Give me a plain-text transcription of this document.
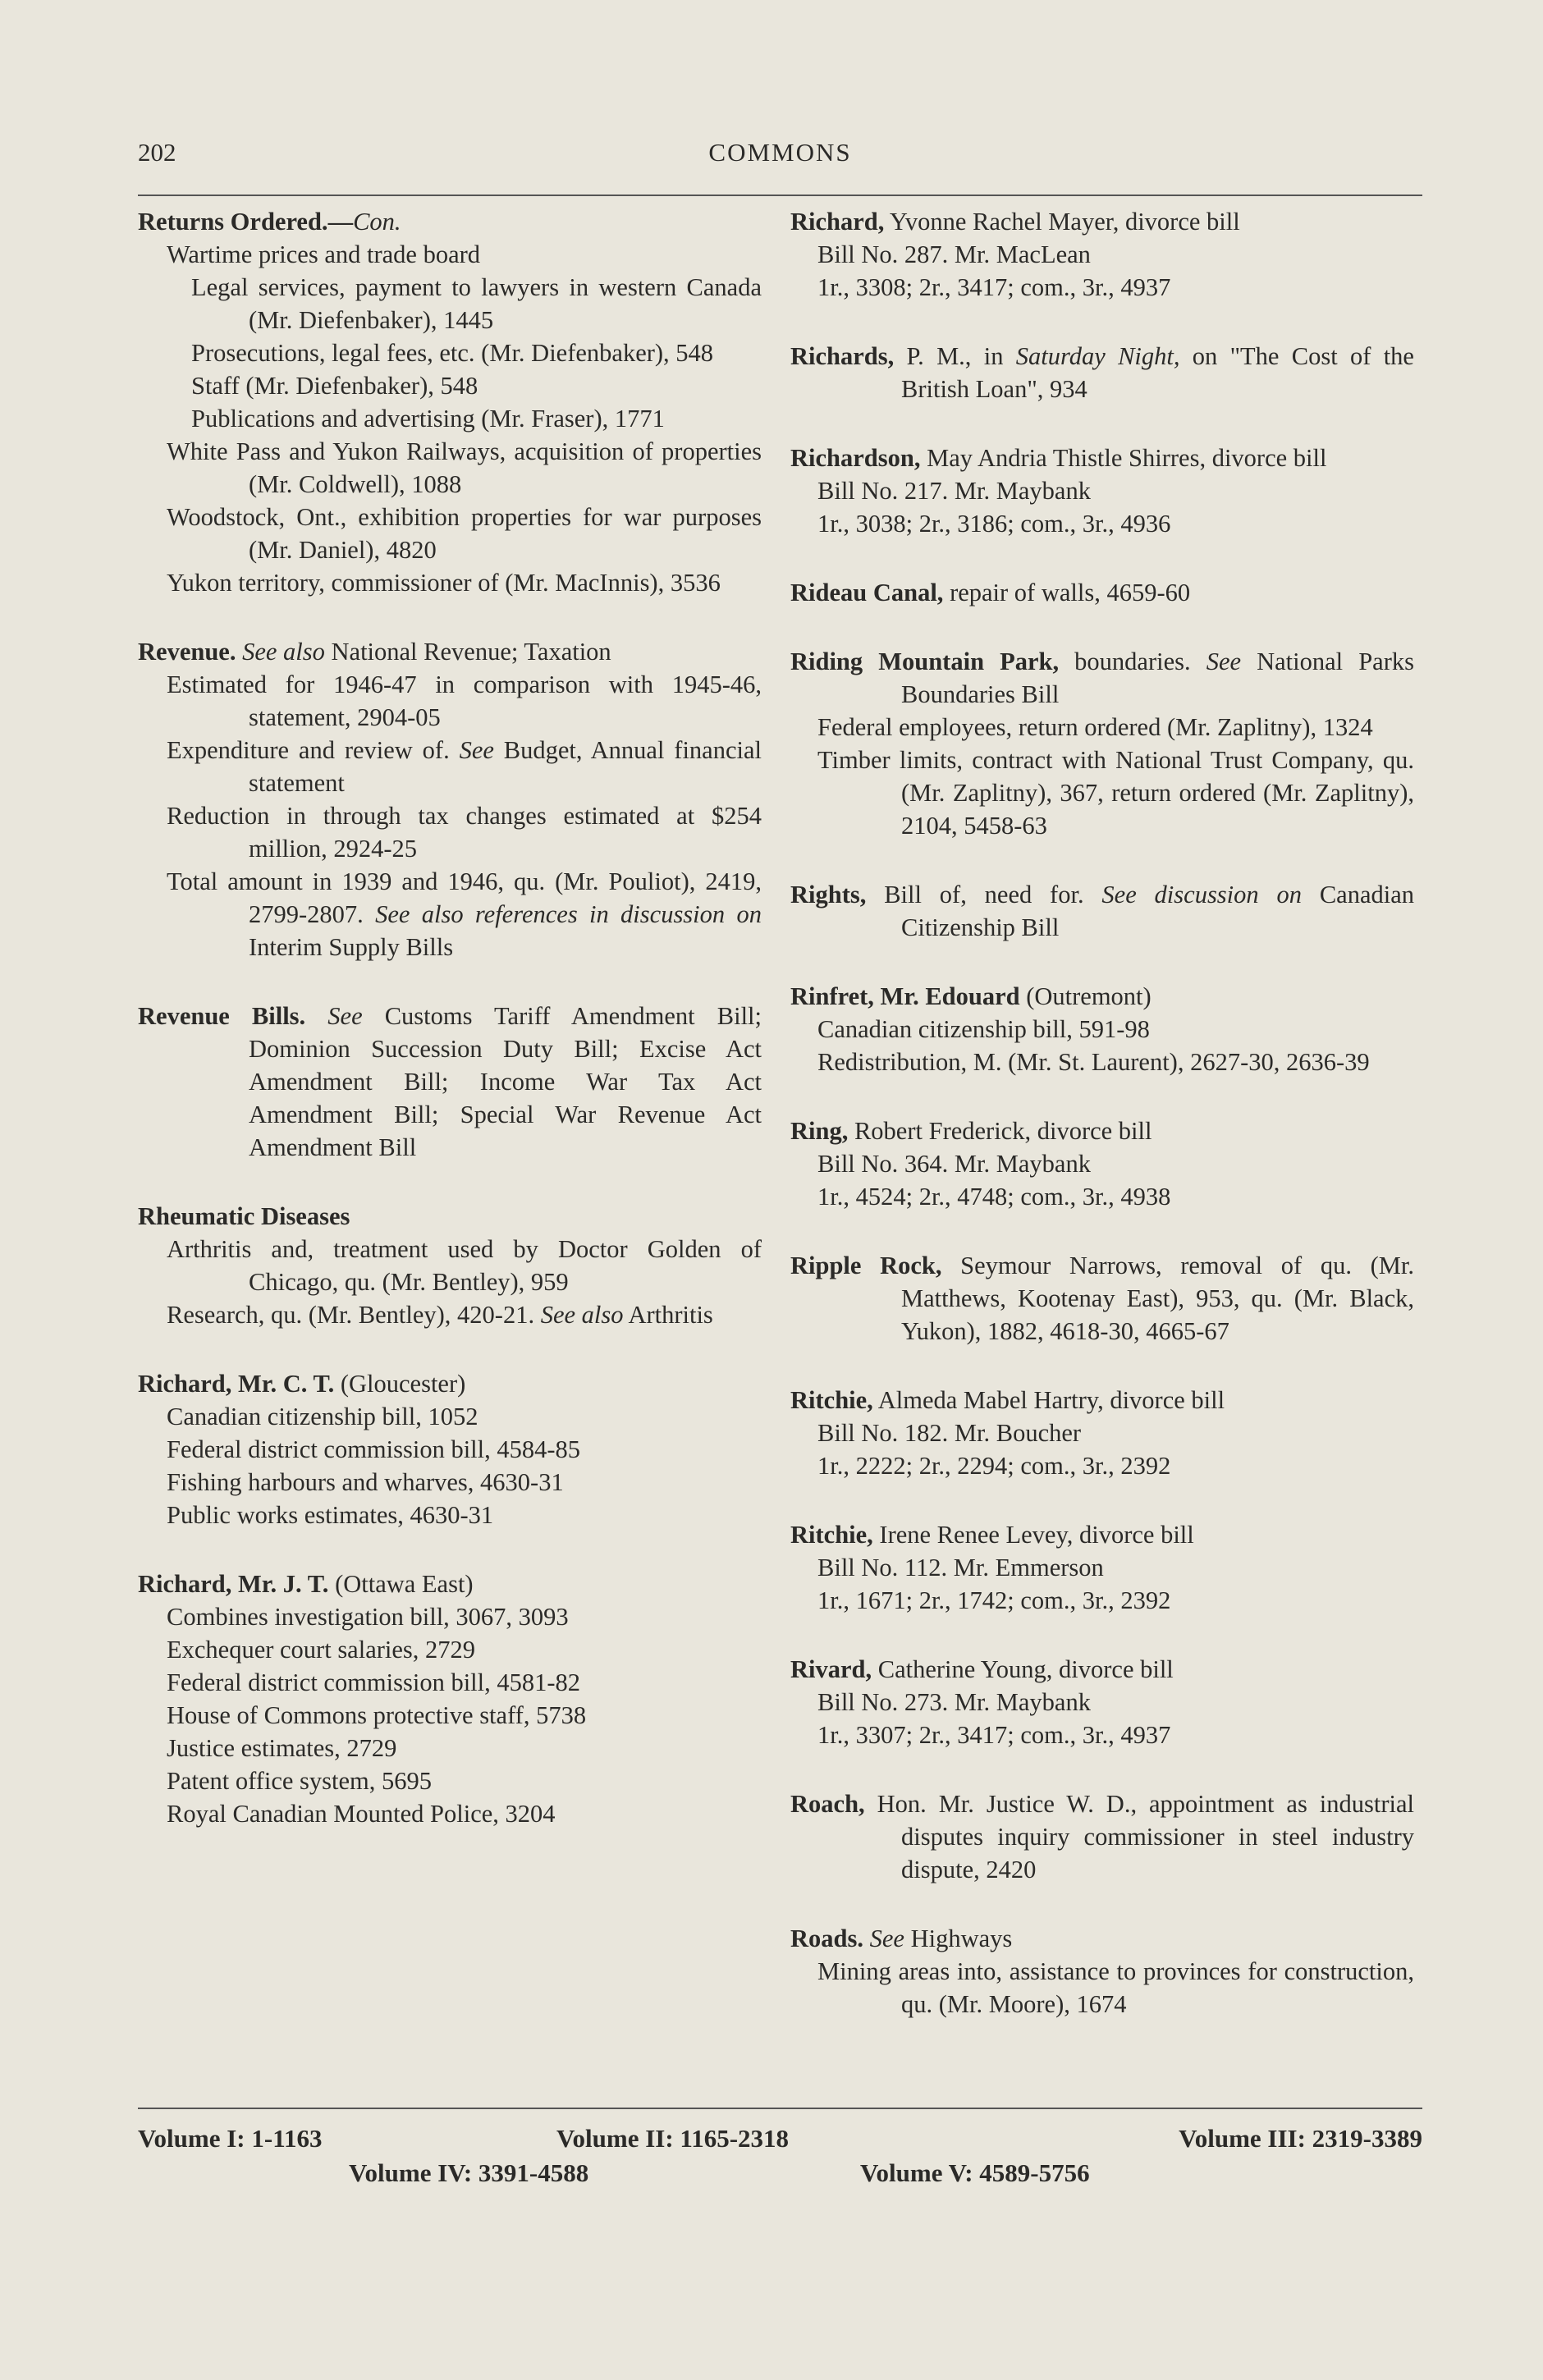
202	COMMONS
Returns Ordered.—Con.
Wartime prices and trade board
Legal services, payment to lawyers in western Canada (Mr. Diefenbaker), 1445
Prosecutions, legal fees, etc. (Mr. Diefenbaker), 548
Staff (Mr. Diefenbaker), 548
Publications and advertising (Mr. Fraser), 1771
White Pass and Yukon Railways, acquisition of properties (Mr. Coldwell), 1088
Woodstock, Ont., exhibition properties for war purposes (Mr. Daniel), 4820
Yukon territory, commissioner of (Mr. MacInnis), 3536
Revenue. See also National Revenue; Taxation
Estimated for 1946-47 in comparison with 1945-46, statement, 2904-05
Expenditure and review of. See Budget, Annual financial statement
Reduction in through tax changes estimated at $254 million, 2924-25
Total amount in 1939 and 1946, qu. (Mr. Pouliot), 2419, 2799-2807. See also references in discussion on Interim Supply Bills
Revenue Bills. See Customs Tariff Amendment Bill; Dominion Succession Duty Bill; Excise Act Amendment Bill; Income War Tax Act Amendment Bill; Special War Revenue Act Amendment Bill
Rheumatic Diseases
Arthritis and, treatment used by Doctor Golden of Chicago, qu. (Mr. Bentley), 959
Research, qu. (Mr. Bentley), 420-21. See also Arthritis
Richard, Mr. C. T. (Gloucester)
Canadian citizenship bill, 1052
Federal district commission bill, 4584-85
Fishing harbours and wharves, 4630-31
Public works estimates, 4630-31
Richard, Mr. J. T. (Ottawa East)
Combines investigation bill, 3067, 3093
Exchequer court salaries, 2729
Federal district commission bill, 4581-82
House of Commons protective staff, 5738
Justice estimates, 2729
Patent office system, 5695
Royal Canadian Mounted Police, 3204
Richard, Yvonne Rachel Mayer, divorce bill
Bill No. 287. Mr. MacLean
1r., 3308; 2r., 3417; com., 3r., 4937
Richards, P. M., in Saturday Night, on "The Cost of the British Loan", 934
Richardson, May Andria Thistle Shirres, divorce bill
Bill No. 217. Mr. Maybank
1r., 3038; 2r., 3186; com., 3r., 4936
Rideau Canal, repair of walls, 4659-60
Riding Mountain Park, boundaries. See National Parks Boundaries Bill
Federal employees, return ordered (Mr. Zaplitny), 1324
Timber limits, contract with National Trust Company, qu. (Mr. Zaplitny), 367, return ordered (Mr. Zaplitny), 2104, 5458-63
Rights, Bill of, need for. See discussion on Canadian Citizenship Bill
Rinfret, Mr. Edouard (Outremont)
Canadian citizenship bill, 591-98
Redistribution, M. (Mr. St. Laurent), 2627-30, 2636-39
Ring, Robert Frederick, divorce bill
Bill No. 364. Mr. Maybank
1r., 4524; 2r., 4748; com., 3r., 4938
Ripple Rock, Seymour Narrows, removal of qu. (Mr. Matthews, Kootenay East), 953, qu. (Mr. Black, Yukon), 1882, 4618-30, 4665-67
Ritchie, Almeda Mabel Hartry, divorce bill
Bill No. 182. Mr. Boucher
1r., 2222; 2r., 2294; com., 3r., 2392
Ritchie, Irene Renee Levey, divorce bill
Bill No. 112. Mr. Emmerson
1r., 1671; 2r., 1742; com., 3r., 2392
Rivard, Catherine Young, divorce bill
Bill No. 273. Mr. Maybank
1r., 3307; 2r., 3417; com., 3r., 4937
Roach, Hon. Mr. Justice W. D., appointment as industrial disputes inquiry commissioner in steel industry dispute, 2420
Roads. See Highways
Mining areas into, assistance to provinces for construction, qu. (Mr. Moore), 1674
Volume I: 1-1163	Volume II: 1165-2318	Volume III: 2319-3389
Volume IV: 3391-4588	Volume V: 4589-5756
